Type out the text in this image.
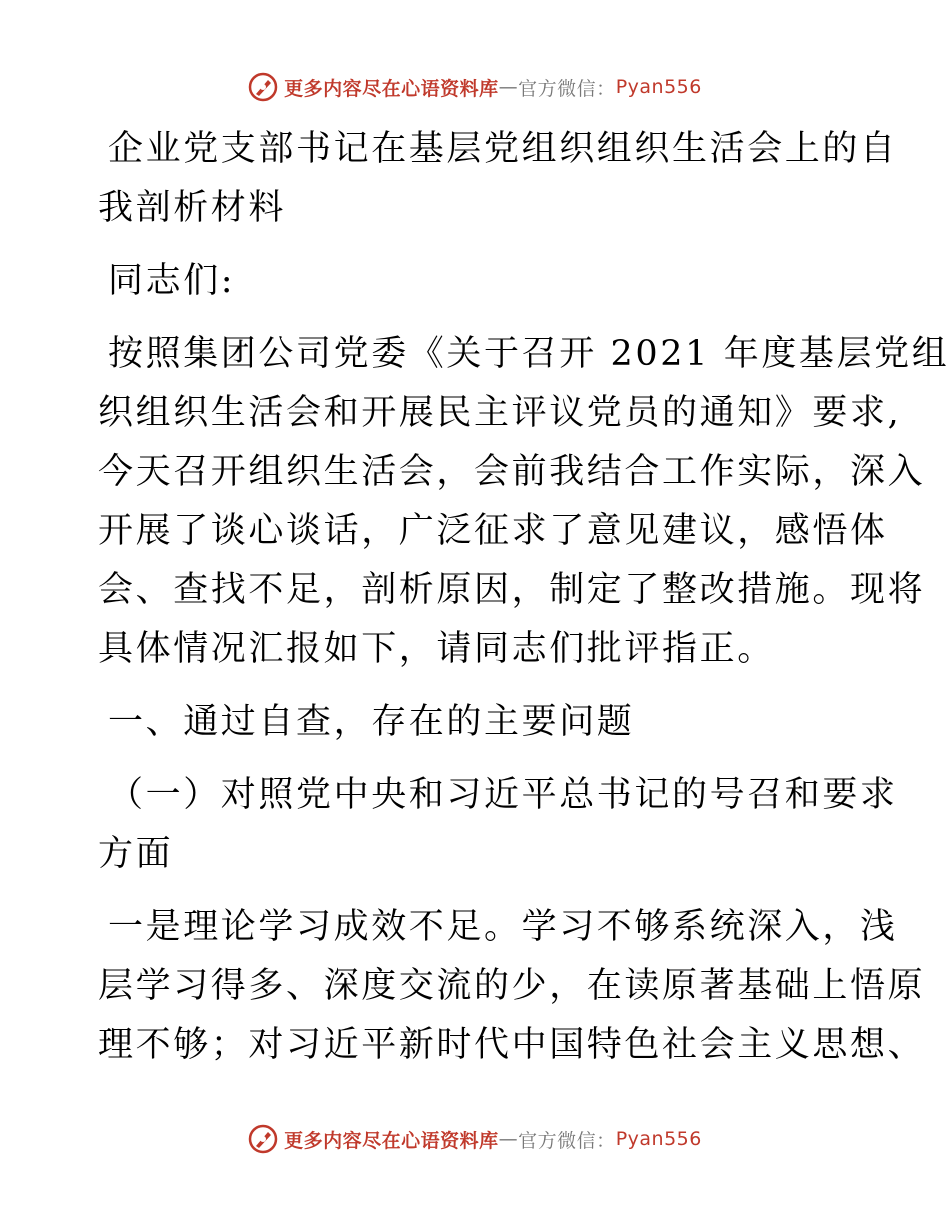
更多内容尽在心语资料库 — 官方微信： Pyan556
企业党支部书记在基层党组织组织生活会上的自
我剖析材料
同志们:
按照集团公司党委《关于召开 2021 年度基层党组
织组织生活会和开展民主评议党员的通知》要求,
今天召开组织生活会，会前我结合工作实际，深入
开展了谈心谈话，广泛征求了意见建议，感悟体
会、查找不足，剖析原因，制定了整改措施。现将
具体情况汇报如下，请同志们批评指正。
一、通过自查，存在的主要问题
（一）对照党中央和习近平总书记的号召和要求
方面
一是理论学习成效不足。学习不够系统深入，浅
层学习得多、深度交流的少，在读原著基础上悟原
理不够；对习近平新时代中国特色社会主义思想、
更多内容尽在心语资料库 — 官方微信： Pyan556
